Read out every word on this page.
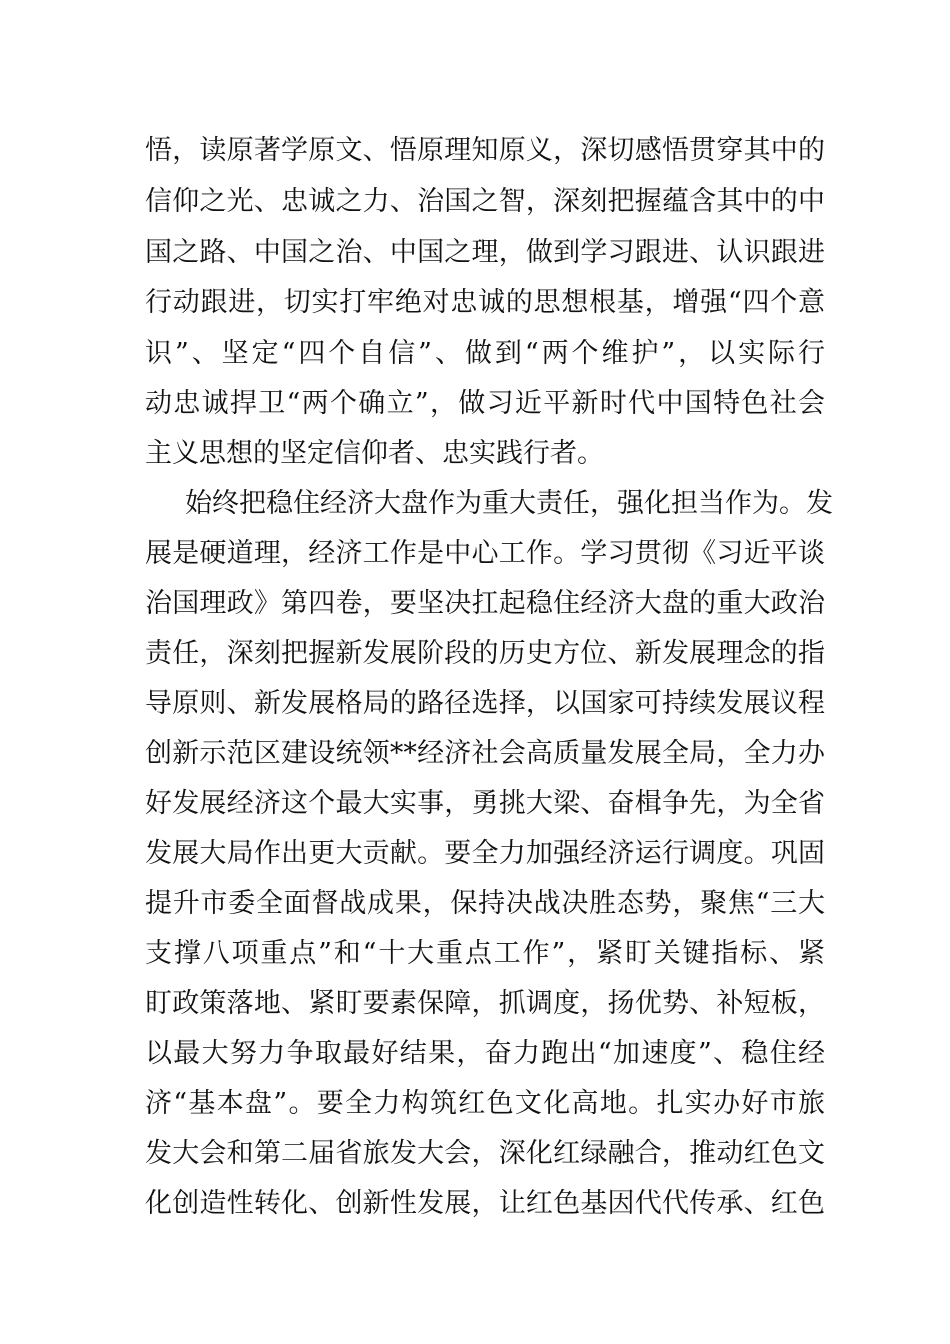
悟，读原著学原文、悟原理知原义，深切感悟贯穿其中的
信仰之光、忠诚之力、治国之智，深刻把握蕴含其中的中
国之路、中国之治、中国之理，做到学习跟进、认识跟进
行动跟进，切实打牢绝对忠诚的思想根基，增强“四个意
识”、坚定“四个自信”、做到“两个维护”，以实际行
动忠诚捍卫“两个确立”，做习近平新时代中国特色社会
主义思想的坚定信仰者、忠实践行者。
始终把稳住经济大盘作为重大责任，强化担当作为。发
展是硬道理，经济工作是中心工作。学习贯彻《习近平谈
治国理政》第四卷，要坚决扛起稳住经济大盘的重大政治
责任，深刻把握新发展阶段的历史方位、新发展理念的指
导原则、新发展格局的路径选择，以国家可持续发展议程
创新示范区建设统领**经济社会高质量发展全局，全力办
好发展经济这个最大实事，勇挑大梁、奋楫争先，为全省
发展大局作出更大贡献。要全力加强经济运行调度。巩固
提升市委全面督战成果，保持决战决胜态势，聚焦“三大
支撑八项重点”和“十大重点工作”，紧盯关键指标、紧
盯政策落地、紧盯要素保障，抓调度，扬优势、补短板，
以最大努力争取最好结果，奋力跑出“加速度”、稳住经
济“基本盘”。要全力构筑红色文化高地。扎实办好市旅
发大会和第二届省旅发大会，深化红绿融合，推动红色文
化创造性转化、创新性发展，让红色基因代代传承、红色
